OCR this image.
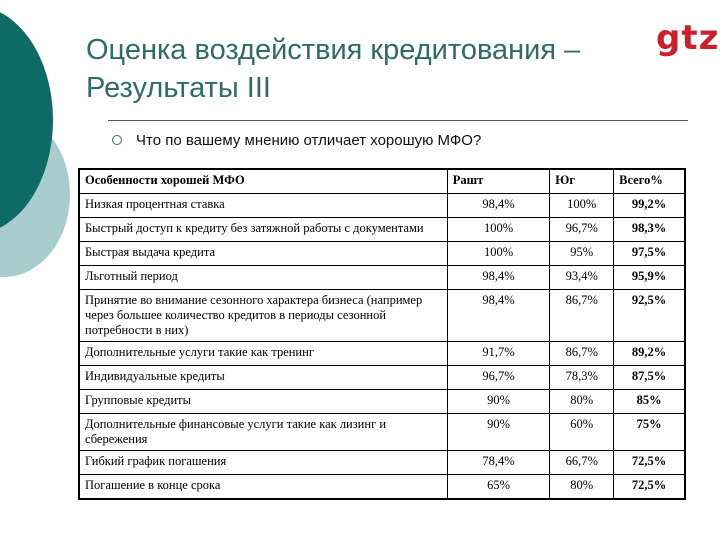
gtz
Оценка воздействия кредитования –
Результаты III
Что по вашему мнению отличает хорошую МФО?
Особенности хорошей МФО	Рашт	Юг	Всего%
Низкая процентная ставка	98,4%	100%	99,2%
Быстрый доступ к кредиту без затяжной работы с документами	100%	96,7%	98,3%
Быстрая выдача кредита	100%	95%	97,5%
Льготный период	98,4%	93,4%	95,9%
Принятие во внимание сезонного характера бизнеса (например через большее количество кредитов в периоды сезонной потребности в них)	98,4%	86,7%	92,5%
Дополнительные услуги такие как тренинг	91,7%	86,7%	89,2%
Индивидуальные кредиты	96,7%	78,3%	87,5%
Групповые кредиты	90%	80%	85%
Дополнительные финансовые услуги такие как лизинг и сбережения	90%	60%	75%
Гибкий график погашения	78,4%	66,7%	72,5%
Погашение в конце срока	65%	80%	72,5%
